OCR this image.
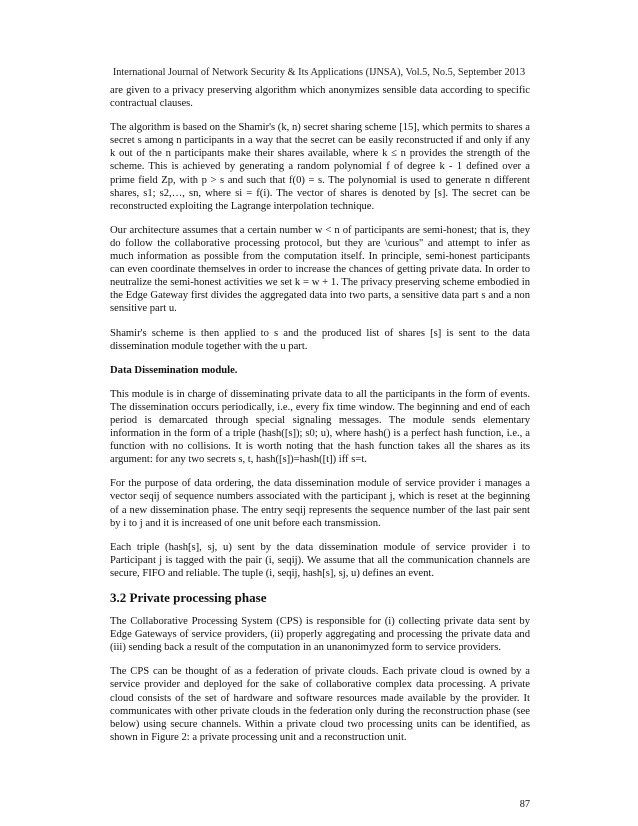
International Journal of Network Security & Its Applications (IJNSA), Vol.5, No.5, September 2013

are given to a privacy preserving algorithm which anonymizes sensible data according to specific contractual clauses.

The algorithm is based on the Shamir's (k, n) secret sharing scheme [15], which permits to shares a secret s among n participants in a way that the secret can be easily reconstructed if and only if any k out of the n participants make their shares available, where k ≤ n provides the strength of the scheme. This is achieved by generating a random polynomial f of degree k - 1 defined over a prime field Zp, with p > s and such that f(0) = s. The polynomial is used to generate n different shares, s1; s2,…, sn, where si = f(i). The vector of shares is denoted by [s]. The secret can be reconstructed exploiting the Lagrange interpolation technique.

Our architecture assumes that a certain number w < n of participants are semi-honest; that is, they do follow the collaborative processing protocol, but they are \curious" and attempt to infer as much information as possible from the computation itself. In principle, semi-honest participants can even coordinate themselves in order to increase the chances of getting private data. In order to neutralize the semi-honest activities we set k = w + 1. The privacy preserving scheme embodied in the Edge Gateway first divides the aggregated data into two parts, a sensitive data part s and a non sensitive part u.

Shamir's scheme is then applied to s and the produced list of shares [s] is sent to the data dissemination module together with the u part.

Data Dissemination module.

This module is in charge of disseminating private data to all the participants in the form of events. The dissemination occurs periodically, i.e., every fix time window. The beginning and end of each period is demarcated through special signaling messages. The module sends elementary information in the form of a triple (hash([s]); s0; u), where hash() is a perfect hash function, i.e., a function with no collisions. It is worth noting that the hash function takes all the shares as its argument: for any two secrets s, t, hash([s])=hash([t]) iff s=t.

For the purpose of data ordering, the data dissemination module of service provider i manages a vector seqij of sequence numbers associated with the participant j, which is reset at the beginning of a new dissemination phase. The entry seqij represents the sequence number of the last pair sent by i to j and it is increased of one unit before each transmission.

Each triple (hash[s], sj, u) sent by the data dissemination module of service provider i to Participant j is tagged with the pair (i, seqij). We assume that all the communication channels are secure, FIFO and reliable. The tuple (i, seqij, hash[s], sj, u) defines an event.

3.2 Private processing phase

The Collaborative Processing System (CPS) is responsible for (i) collecting private data sent by Edge Gateways of service providers, (ii) properly aggregating and processing the private data and (iii) sending back a result of the computation in an unanonimyzed form to service providers.

The CPS can be thought of as a federation of private clouds. Each private cloud is owned by a service provider and deployed for the sake of collaborative complex data processing. A private cloud consists of the set of hardware and software resources made available by the provider. It communicates with other private clouds in the federation only during the reconstruction phase (see below) using secure channels. Within a private cloud two processing units can be identified, as shown in Figure 2: a private processing unit and a reconstruction unit.

87
